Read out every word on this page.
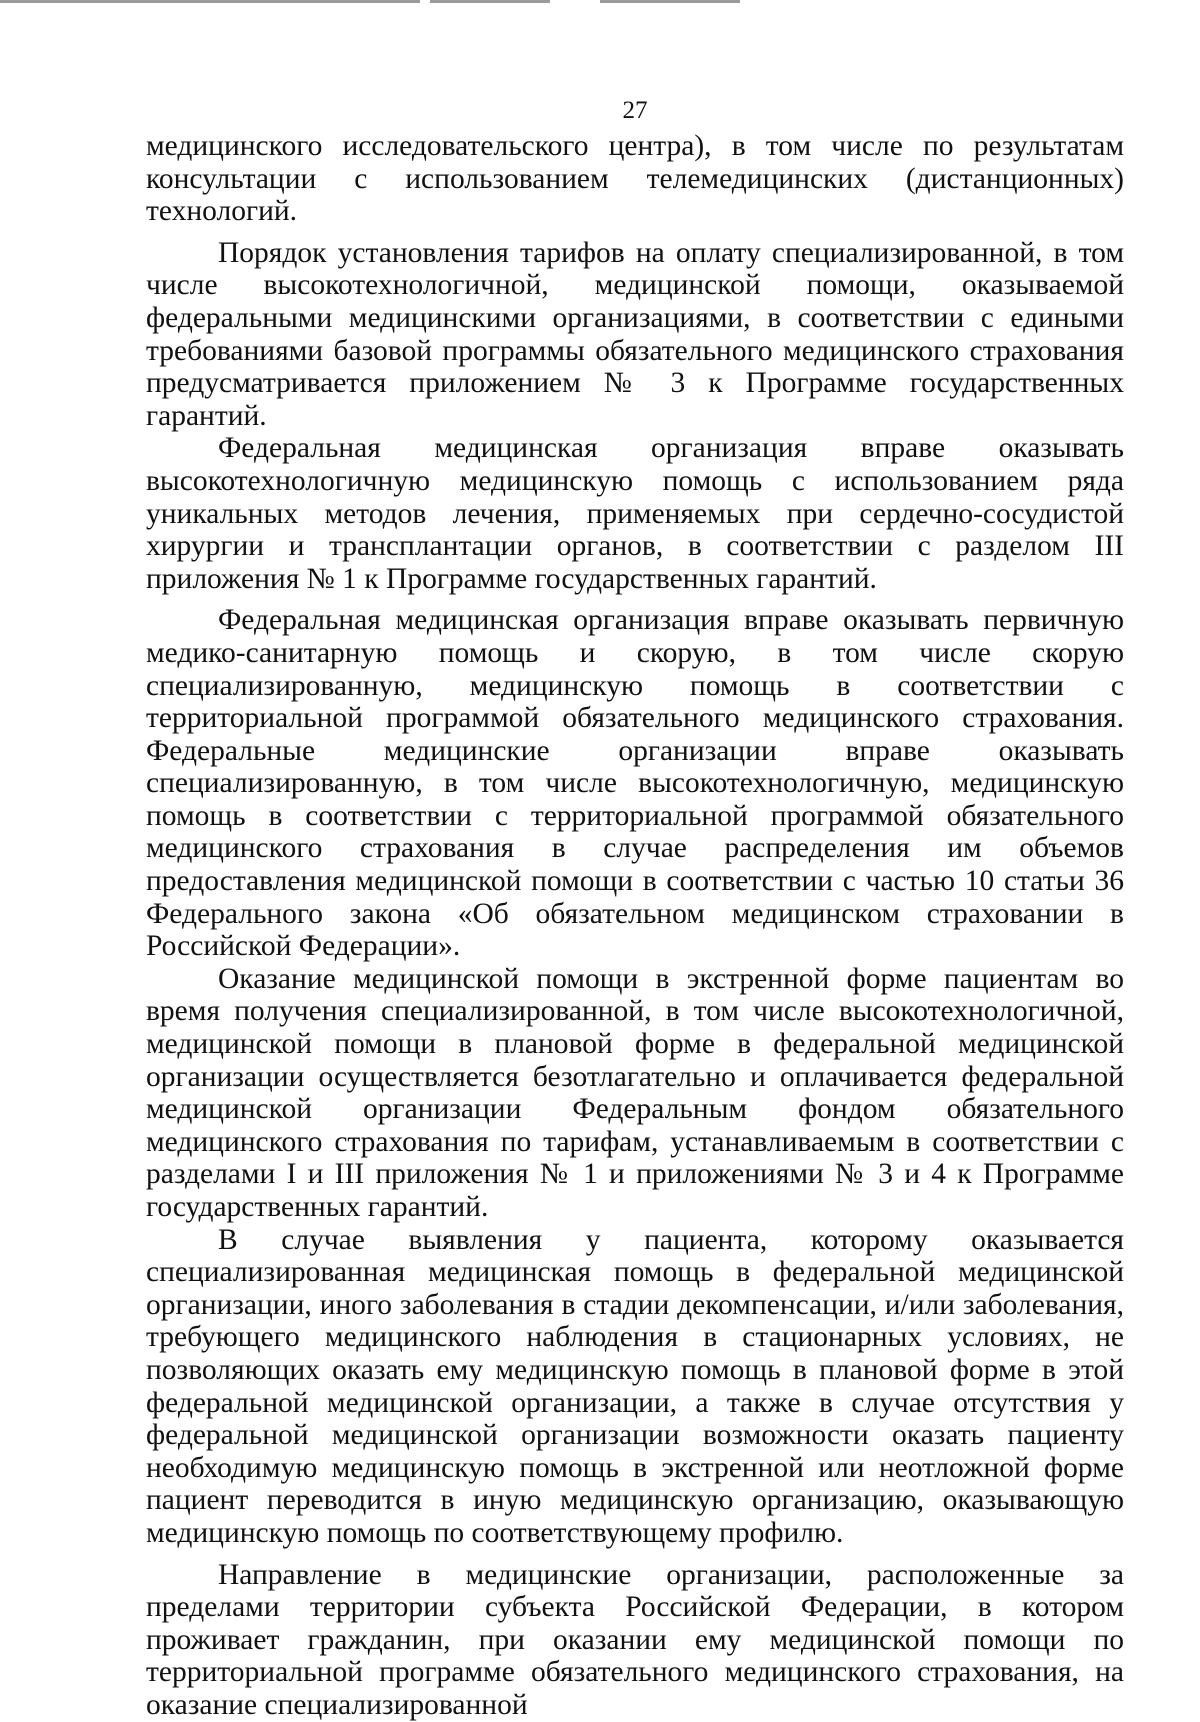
27

медицинского исследовательского центра), в том числе по результатам консультации с использованием телемедицинских (дистанционных) технологий.

Порядок установления тарифов на оплату специализированной, в том числе высокотехнологичной, медицинской помощи, оказываемой федеральными медицинскими организациями, в соответствии с едиными требованиями базовой программы обязательного медицинского страхования предусматривается приложением № 3 к Программе государственных гарантий.

Федеральная медицинская организация вправе оказывать высокотехнологичную медицинскую помощь с использованием ряда уникальных методов лечения, применяемых при сердечно-сосудистой хирургии и трансплантации органов, в соответствии с разделом III приложения № 1 к Программе государственных гарантий.

Федеральная медицинская организация вправе оказывать первичную медико-санитарную помощь и скорую, в том числе скорую специализированную, медицинскую помощь в соответствии с территориальной программой обязательного медицинского страхования. Федеральные медицинские организации вправе оказывать специализированную, в том числе высокотехнологичную, медицинскую помощь в соответствии с территориальной программой обязательного медицинского страхования в случае распределения им объемов предоставления медицинской помощи в соответствии с частью 10 статьи 36 Федерального закона «Об обязательном медицинском страховании в Российской Федерации».

Оказание медицинской помощи в экстренной форме пациентам во время получения специализированной, в том числе высокотехнологичной, медицинской помощи в плановой форме в федеральной медицинской организации осуществляется безотлагательно и оплачивается федеральной медицинской организации Федеральным фондом обязательного медицинского страхования по тарифам, устанавливаемым в соответствии с разделами I и III приложения № 1 и приложениями № 3 и 4 к Программе государственных гарантий.

В случае выявления у пациента, которому оказывается специализированная медицинская помощь в федеральной медицинской организации, иного заболевания в стадии декомпенсации, и/или заболевания, требующего медицинского наблюдения в стационарных условиях, не позволяющих оказать ему медицинскую помощь в плановой форме в этой федеральной медицинской организации, а также в случае отсутствия у федеральной медицинской организации возможности оказать пациенту необходимую медицинскую помощь в экстренной или неотложной форме пациент переводится в иную медицинскую организацию, оказывающую медицинскую помощь по соответствующему профилю.

Направление в медицинские организации, расположенные за пределами территории субъекта Российской Федерации, в котором проживает гражданин, при оказании ему медицинской помощи по территориальной программе обязательного медицинского страхования, на оказание специализированной
